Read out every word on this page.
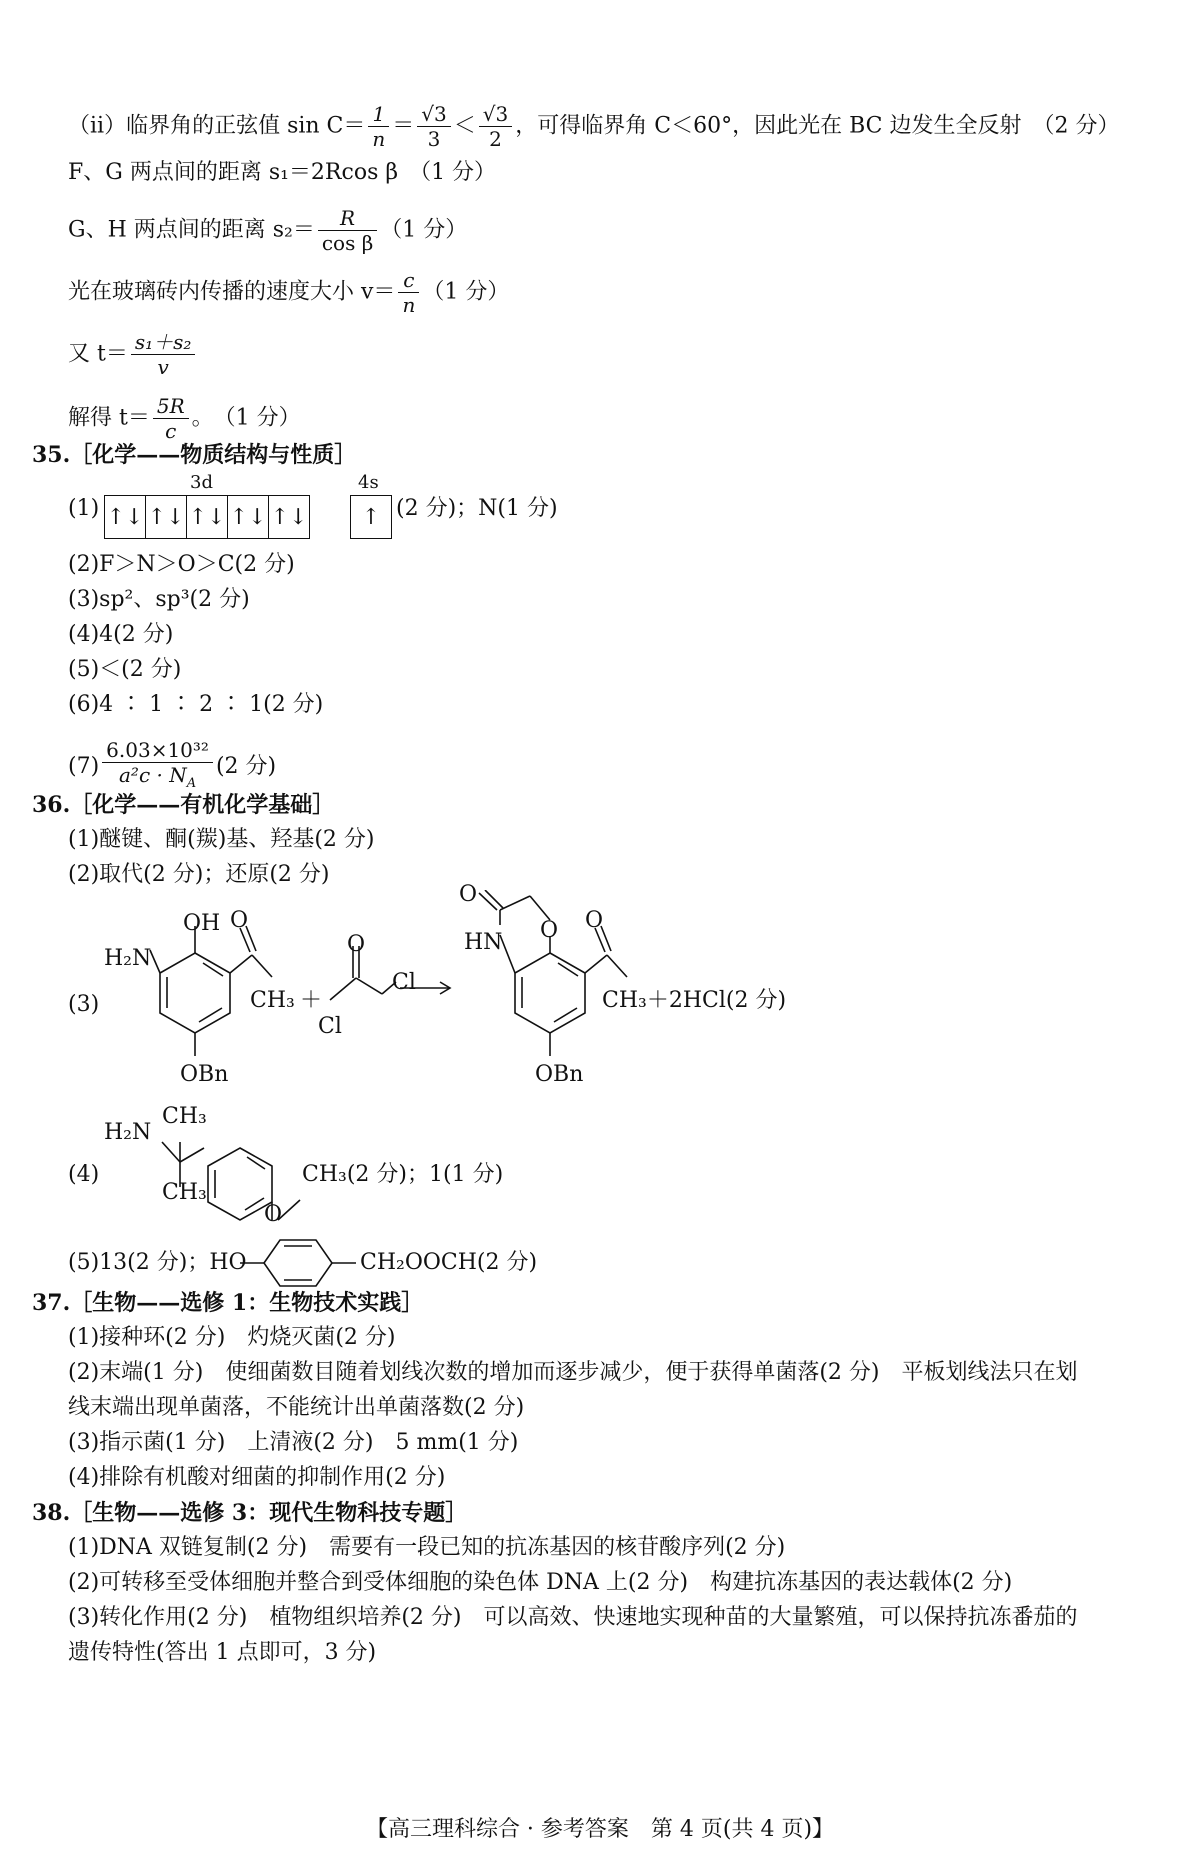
（ⅱ）临界角的正弦值 $\sin C= \frac{1}{n} = \frac{√3}{3} < \frac{√3}{2}$ ，可得临界角 C＜60°，因此光在 BC 边发生全反射　（2 分）
F、G 两点间的距离 s₁＝2Rcos β　（1 分）
G、H 两点间的距离 $s_2= \frac{R}{\text{cos β}} (1$ 分）
光在玻璃砖内传播的速度大小 $v= \frac{c}{n} (1$ 分）
又 $t= \frac{\text{s₁＋s₂}}{v}$
解得 $t= \frac{5R}{c}$ 。　（1 分）
35.［化学——物质结构与性质］
(1)
3d	4s
↑↓ ↑↓ ↑↓ ↑↓ ↑↓	↑ (2 分)；N(1 分)
(2)F＞N＞O＞C(2 分)
(3)sp²、sp³(2 分)
(4)4(2 分)
(5)＜(2 分)
(6)4 ∶ 1 ∶ 2 ∶ 1(2 分)
$(7) \frac{\text{6.03×10³²}}{a^2c \cdot N_A} (2$ 分)
36.［化学——有机化学基础］
(1)醚键、酮(羰)基、羟基(2 分)
(2)取代(2 分)；还原(2 分)
(3)
OH
H₂N
O
CH₃ ＋
O
Cl
Cl
OBn
O
HN O O
CH₃＋2HCl(2 分)
OBn
(4)
H₂N
CH₃
CH₃
O
CH₃(2 分)；1(1 分)
(5)13(2 分)；HO	CH₂OOCH(2 分)
37.［生物——选修 1：生物技术实践］
(1)接种环(2 分)　灼烧灭菌(2 分)
(2)末端(1 分)　使细菌数目随着划线次数的增加而逐步减少，便于获得单菌落(2 分)　平板划线法只在划
线末端出现单菌落，不能统计出单菌落数(2 分)
(3)指示菌(1 分)　上清液(2 分)　5 mm(1 分)
(4)排除有机酸对细菌的抑制作用(2 分)
38.［生物——选修 3：现代生物科技专题］
(1)DNA 双链复制(2 分)　需要有一段已知的抗冻基因的核苷酸序列(2 分)
(2)可转移至受体细胞并整合到受体细胞的染色体 DNA 上(2 分)　构建抗冻基因的表达载体(2 分)
(3)转化作用(2 分)　植物组织培养(2 分)　可以高效、快速地实现种苗的大量繁殖，可以保持抗冻番茄的
遗传特性(答出 1 点即可，3 分)
【高三理科综合 · 参考答案　第 4 页(共 4 页)】
